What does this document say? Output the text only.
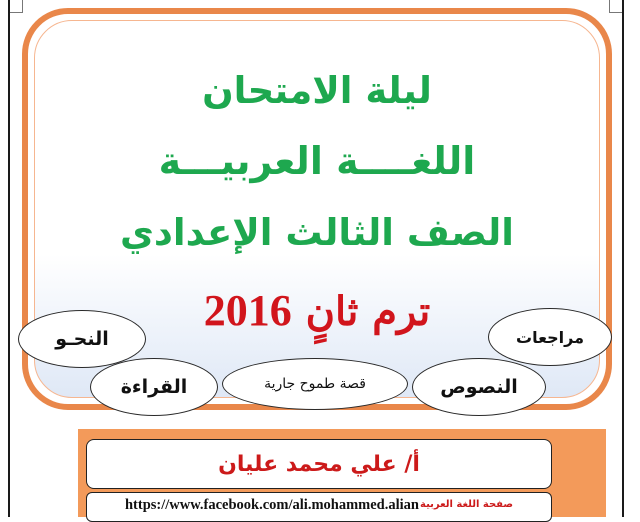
ليلة الامتحان
اللغــــة العربيـــة
الصف الثالث الإعدادي
ترم ثانٍ 2016
النحـو
القراءة	قصة طموح جارية	النصوص
مراجعات
أ/ علي محمد عليان
https://www.facebook.com/ali.mohammed.alian صفحة اللغة العربية
